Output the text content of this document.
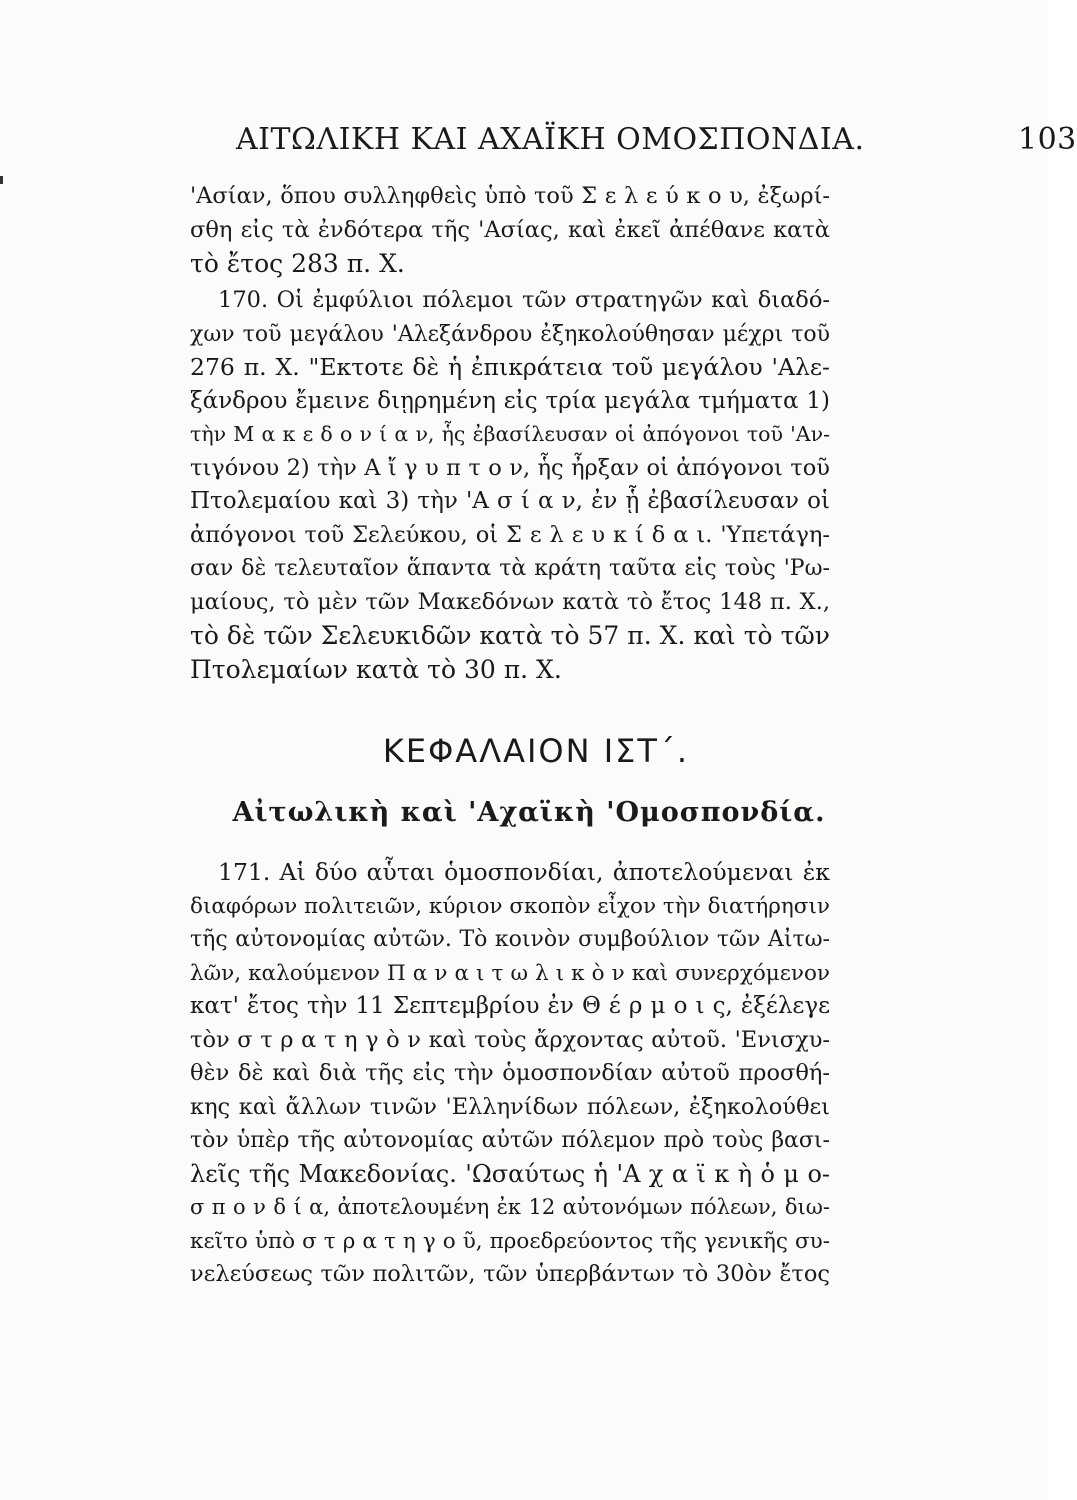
ΑΙΤΩΛΙΚΗ ΚΑΙ ΑΧΑΪΚΗ ΟΜΟΣΠΟΝΔΙΑ.	103
'Ασίαν, ὅπου συλληφθεὶς ὑπὸ τοῦ Σ ε λ ε ύ κ ο υ, ἐξωρί-
σθη εἰς τὰ ἐνδότερα τῆς 'Ασίας, καὶ ἐκεῖ ἀπέθανε κατὰ
τὸ ἔτος 283 π. Χ.
170. Οἱ ἐμφύλιοι πόλεμοι τῶν στρατηγῶν καὶ διαδό-
χων τοῦ μεγάλου 'Αλεξάνδρου ἐξηκολούθησαν μέχρι τοῦ
276 π. Χ. "Εκτοτε δὲ ἡ ἐπικράτεια τοῦ μεγάλου 'Αλε-
ξάνδρου ἔμεινε διῃρημένη εἰς τρία μεγάλα τμήματα 1)
τὴν Μ α κ ε δ ο ν ί α ν, ἧς ἐβασίλευσαν οἱ ἀπόγονοι τοῦ 'Αν-
τιγόνου 2) τὴν Α ἴ γ υ π τ ο ν, ἧς ἦρξαν οἱ ἀπόγονοι τοῦ
Πτολεμαίου καὶ 3) τὴν 'Α σ ί α ν, ἐν ᾗ ἐβασίλευσαν οἱ
ἀπόγονοι τοῦ Σελεύκου, οἱ Σ ε λ ε υ κ ί δ α ι. 'Υπετάγη-
σαν δὲ τελευταῖον ἅπαντα τὰ κράτη ταῦτα εἰς τοὺς 'Ρω-
μαίους, τὸ μὲν τῶν Μακεδόνων κατὰ τὸ ἔτος 148 π. Χ.,
τὸ δὲ τῶν Σελευκιδῶν κατὰ τὸ 57 π. Χ. καὶ τὸ τῶν
Πτολεμαίων κατὰ τὸ 30 π. Χ.
ΚΕΦΑΛΑΙΟΝ ΙΣΤ΄.
Αἰτωλικὴ καὶ 'Αχαϊκὴ 'Ομοσπονδία.
171. Αἱ δύο αὗται ὁμοσπονδίαι, ἀποτελούμεναι ἐκ
διαφόρων πολιτειῶν, κύριον σκοπὸν εἶχον τὴν διατήρησιν
τῆς αὐτονομίας αὐτῶν. Τὸ κοινὸν συμβούλιον τῶν Αἰτω-
λῶν, καλούμενον Π α ν α ι τ ω λ ι κ ὸ ν καὶ συνερχόμενον
κατ' ἔτος τὴν 11 Σεπτεμβρίου ἐν Θ έ ρ μ ο ι ς, ἐξέλεγε
τὸν σ τ ρ α τ η γ ὸ ν καὶ τοὺς ἄρχοντας αὐτοῦ. 'Ενισχυ-
θὲν δὲ καὶ διὰ τῆς εἰς τὴν ὁμοσπονδίαν αὐτοῦ προσθή-
κης καὶ ἄλλων τινῶν 'Ελληνίδων πόλεων, ἐξηκολούθει
τὸν ὑπὲρ τῆς αὐτονομίας αὐτῶν πόλεμον πρὸ τοὺς βασι-
λεῖς τῆς Μακεδονίας. 'Ωσαύτως ἡ 'Α χ α ϊ κ ὴ ὁ μ ο-
σ π ο ν δ ί α, ἀποτελουμένη ἐκ 12 αὐτονόμων πόλεων, διω-
κεῖτο ὑπὸ σ τ ρ α τ η γ ο ῦ, προεδρεύοντος τῆς γενικῆς συ-
νελεύσεως τῶν πολιτῶν, τῶν ὑπερβάντων τὸ 30ὸν ἔτος
